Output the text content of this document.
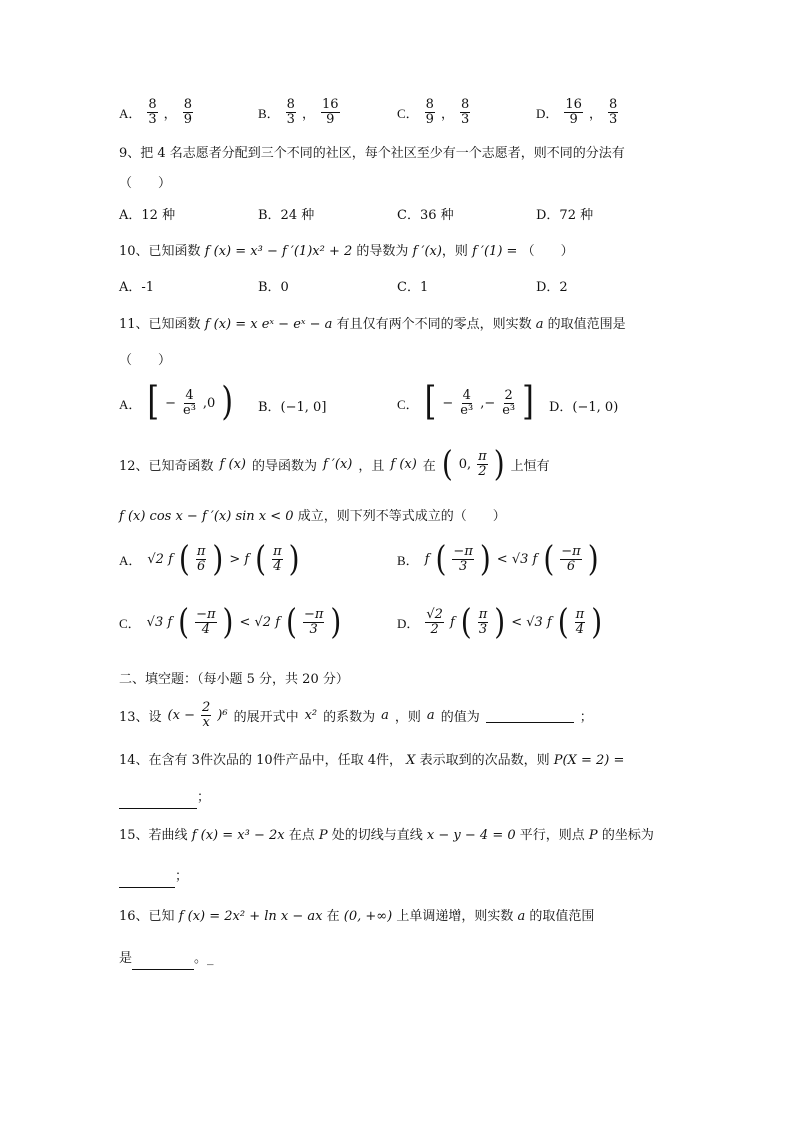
A． $\frac{8}{3}$ ， $\frac{8}{9}$	B． $\frac{8}{3}$ ， $\frac{16}{9}$	C． $\frac{8}{9}$ ， $\frac{8}{3}$	D． $\frac{16}{9}$ ， $\frac{8}{3}$
9、把 4 名志愿者分配到三个不同的社区，每个社区至少有一个志愿者，则不同的分法有
（　　）
A．12 种	B．24 种	C．36 种	D．72 种
10、已知函数 f (x) = x³ − f ′(1)x² + 2 的导数为 f ′(x)，则 f ′(1) = （　　）
A．-1	B．0	C．1	D．2
11、已知函数 f (x) = x eˣ − eˣ − a 有且仅有两个不同的零点，则实数 a 的取值范围是
（　　）
A． [ − $\frac{4}{\text{e³}} ,0$ ) B．(−1, 0]	C． [ − $\frac{4}{\text{e³}}$ ,− $\frac{2}{\text{e³}}$ ] D．(−1, 0)
12、已知奇函数 f (x) 的导函数为 f ′(x) ，且 f (x) 在 ( 0, $\frac{\pi}{2}$ ) 上恒有
f (x) cos x − f ′(x) sin x < 0 成立，则下列不等式成立的（　　）
A． √2 f ( $\frac{\pi}{6}$ ) > f ( $\frac{\pi}{4}$ )	B． f ( $\frac{-\pi}{3}$ ) < √3 f ( $\frac{-\pi}{6}$ )
C． √3 f ( $\frac{-\pi}{4}$ ) < √2 f ( $\frac{-\pi}{3}$ )	D． $\frac{√2}{2}$ f ( $\frac{\pi}{3}$ ) < √3 f ( $\frac{\pi}{4}$ )
二、填空题：（每小题 5 分，共 20 分）
13、设 $(x - \frac{2}{x} )^6$ 的展开式中 x² 的系数为 a ，则 a 的值为	；
14、在含有 3件次品的 10件产品中，任取 4件， X 表示取到的次品数，则 P(X = 2) =
；
15、若曲线 f (x) = x³ − 2x 在点 P 处的切线与直线 x − y − 4 = 0 平行，则点 P 的坐标为
；
16、已知 f (x) = 2x² + ln x − ax 在 (0, +∞) 上单调递增，则实数 a 的取值范围
是	。_
